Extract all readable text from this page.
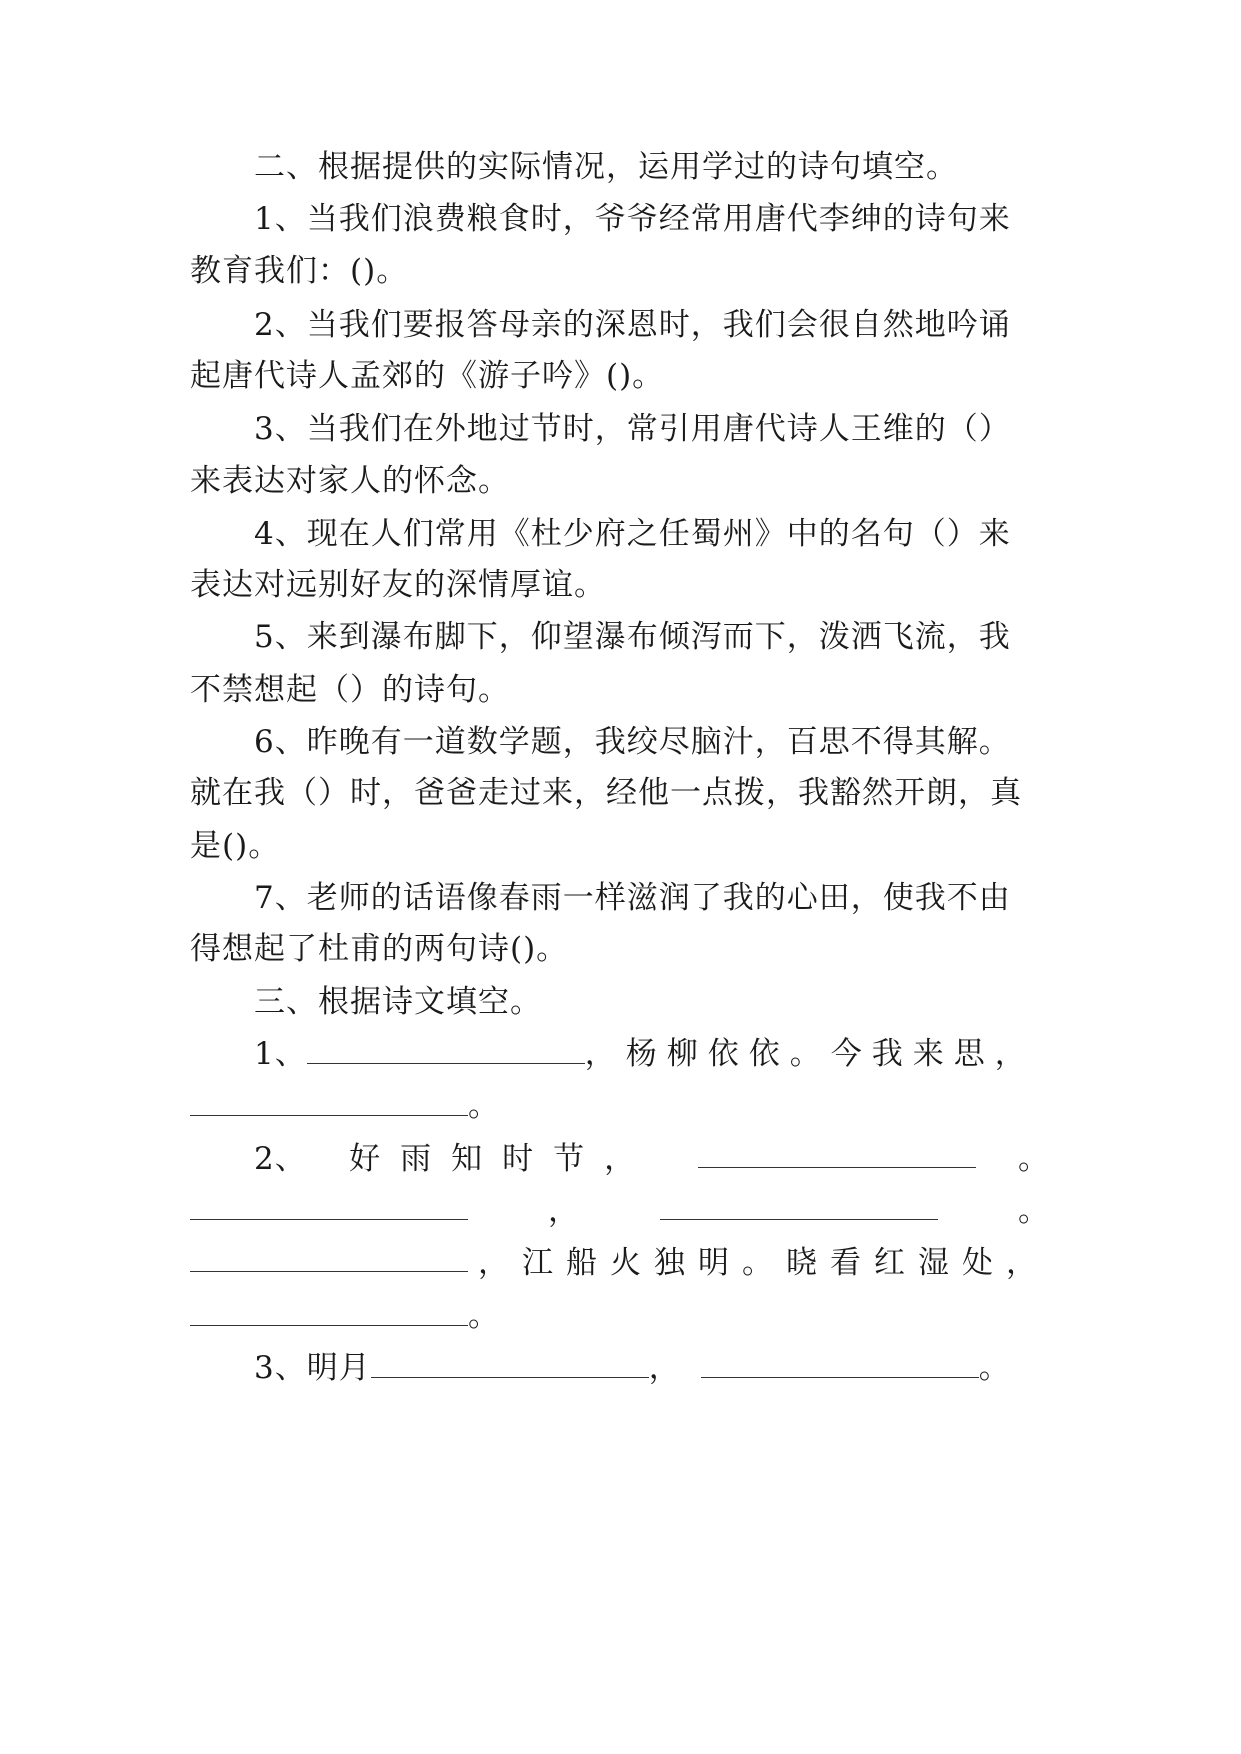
二、根据提供的实际情况，运用学过的诗句填空。
1、当我们浪费粮食时，爷爷经常用唐代李绅的诗句来
教育我们：()。
2、当我们要报答母亲的深恩时，我们会很自然地吟诵
起唐代诗人孟郊的《游子吟》()。
3、当我们在外地过节时，常引用唐代诗人王维的（）
来表达对家人的怀念。
4、现在人们常用《杜少府之任蜀州》中的名句（）来
表达对远别好友的深情厚谊。
5、来到瀑布脚下，仰望瀑布倾泻而下，泼洒飞流，我
不禁想起（）的诗句。
6、昨晚有一道数学题，我绞尽脑汁，百思不得其解。
就在我（）时，爸爸走过来，经他一点拨，我豁然开朗，真
是()。
7、老师的话语像春雨一样滋润了我的心田，使我不由
得想起了杜甫的两句诗()。
三、根据诗文填空。
1、	，杨柳依依。今我来思，
。
2、 好雨知时节，	。
，	。
，江船火独明。晓看红湿处，
。
3、明月	，	。
